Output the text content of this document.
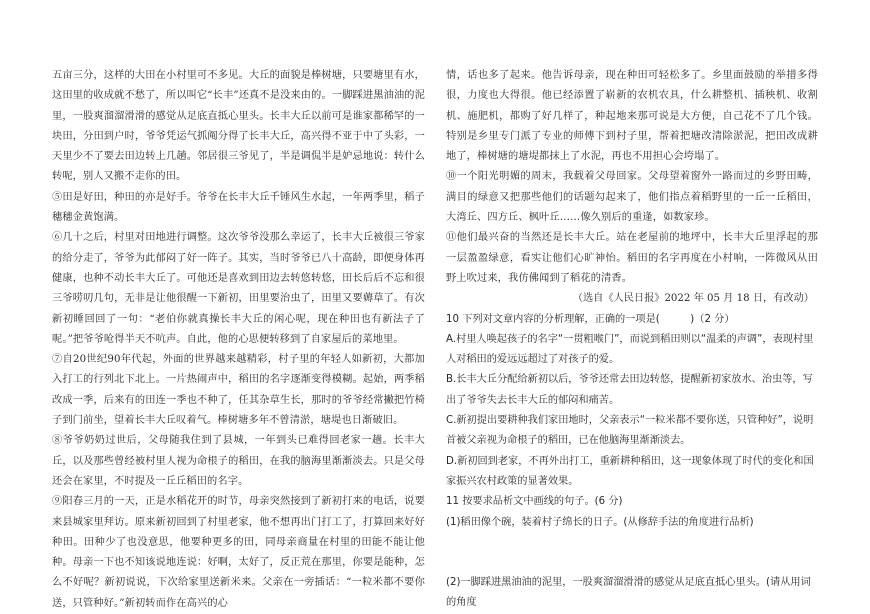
五亩三分，这样的大田在小村里可不多见。大丘的面貌是棒树塘，只要塘里有水，这田里的收成就不愁了，所以叫它“长丰”还真不是没来由的。一脚踩进黑油油的泥里，一股爽溜溜滑滑的感觉从足底直抵心里头。长丰大丘以前可是谁家都稀罕的一块田，分田到户时，爷爷凭运气抓阄分得了长丰大丘，高兴得不亚于中了头彩，一天里少不了要去田边转上几趟。邻居很三爷见了，半是调侃半是妒忌地说：转什么转呢，别人又搬不走你的田。

⑤田是好田，种田的亦是好手。爷爷在长丰大丘千锤风生水起，一年两季里，稻子穗穗金黄饱满。

⑥几十之后，村里对田地进行调整。这次爷爷没那么幸运了，长丰大丘被很三爷家的给分走了，爷爷为此郁闷了好一阵子。其实，当时爷爷已八十高龄，即便身体再健康，也种不动长丰大丘了。可他还是喜欢到田边去转悠转悠，田长后后不忘和很三爷唠叨几句，无非是让他很醒一下新初，田里要治虫了，田里又要薅草了。有次新初睡回回了一句：“老伯你就真操长丰大丘的闲心呢，现在种田也有新法子了呢。”把爷爷呛得半天不吭声。自此，他的心思便转移到了自家屋后的菜地里。

⑦自20世纪90年代起，外面的世界越来越精彩，村子里的年轻人如新初，大都加入打工的行列北下北上。一片热闹声中，稻田的名字逐渐变得模糊。起始，两季稻改成一季，后来有的田连一季也不种了，任其杂草生长，那时的爷爷经常撇把竹椅子到门前坐，望着长丰大丘叹着气。棒树塘多年不曾清淤，塘堤也日渐破旧。

⑧爷爷奶奶过世后，父母随我住到了县城，一年到头已难得回老家一趟。长丰大丘，以及那些曾经被村里人视为命根子的稻田，在我的脑海里渐渐淡去。只是父母还会在家里，不时提及一丘丘稻田的名字。

⑨阳春三月的一天，正是水稻花开的时节，母亲突然接到了新初打来的电话，说要来县城家里拜访。原来新初回到了村里老家，他不想再出门打工了，打算回来好好种田。田种少了也没意思，他要种更多的田，同母亲商量在村里的田能不能让他种。母亲一下也不知该说地连说：好啊，太好了，反正荒在那里，你要是能种，怎么不好呢？新初说说，下次给家里送新米来。父亲在一旁插话：“一粒米都不要你送，只管种好。”新初转而作在高兴的心

情，话也多了起来。他告诉母亲，现在种田可轻松多了。乡里面鼓励的举措多得很，力度也大得很。他已经添置了崭新的农机农具，什么耕整机、插秧机、收割机、施肥机，都购了好几样了，种起地来那可说是大方便，自己花不了几个钱。特别是乡里专门派了专业的师傅下到村子里，帮着把塘改清除淤泥，把田改成耕地了，棒树塘的塘堤都抹上了水泥，再也不用担心会垮塌了。

⑩一个阳光明媚的周末，我载着父母回家。父母望着窗外一路而过的乡野田畴，满目的绿意又把那些他们的话题勾起来了，他们指点着稻野里的一丘一丘稻田，大湾丘、四方丘、枫叶丘……像久别后的重逢，如数家珍。

⑪他们最兴奋的当然还是长丰大丘。站在老屋前的地坪中，长丰大丘里浮起的那一层盈盈绿意，看实让他们心旷神怡。稻田的名字再度在小村响，一阵微风从田野上吹过来，我仿佛闻到了稻花的清香。

（选自《人民日报》2022 年 05 月 18 日，有改动）

10 下列对文章内容的分析理解，正确的一项是(　　　)（2 分）

A.村里人唤起孩子的名字“一贯粗喉门”，而说到稻田则以“温柔的声调”，表现村里人对稻田的爱远远超过了对孩子的爱。

B.长丰大丘分配给新初以后，爷爷还常去田边转悠，提醒新初家放水、治虫等，写出了爷爷失去长丰大丘的郁闷和痛苦。

C.新初提出要耕种我们家田地时，父亲表示“一粒米都不要你送，只管种好”，说明首被父亲视为命根子的稻田，已在他脑海里渐渐淡去。

D.新初回到老家，不再外出打工，重新耕种稻田，这一现象体现了时代的变化和国家振兴农村政策的显著效果。

11 按要求品析文中画线的句子。(6 分)

(1)稻田像个碗，装着村子绵长的日子。(从修辞手法的角度进行品析)

(2)一脚踩进黑油油的泥里，一股爽溜溜滑滑的感觉从足底直抵心里头。(请从用词的角度
